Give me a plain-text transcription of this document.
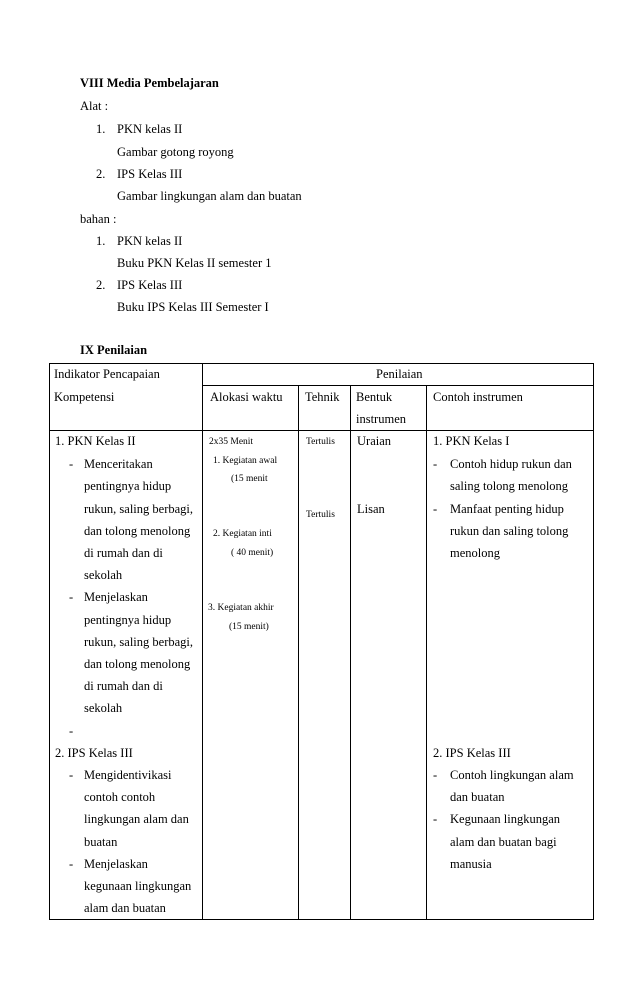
VIII Media Pembelajaran
Alat :
1. PKN kelas II
Gambar gotong royong
2. IPS Kelas III
Gambar lingkungan alam dan buatan
bahan :
1. PKN kelas II
Buku PKN Kelas II semester 1
2. IPS Kelas III
Buku IPS Kelas III Semester I
IX Penilaian
Indikator Pencapaian
Kompetensi
Penilaian
Alokasi waktu Tehnik Bentuk
instrumen
Contoh instrumen
1. PKN Kelas II
- Menceritakan
pentingnya hidup
rukun, saling berbagi,
dan tolong menolong
di rumah dan di
sekolah
- Menjelaskan
pentingnya hidup
rukun, saling berbagi,
dan tolong menolong
di rumah dan di
sekolah
-
2. IPS Kelas III
- Mengidentivikasi
contoh contoh
lingkungan alam dan
buatan
- Menjelaskan
kegunaan lingkungan
alam dan buatan
2x35 Menit
1. Kegiatan awal
(15 menit
2. Kegiatan inti
( 40 menit)
3. Kegiatan akhir
(15 menit)
Tertulis
Tertulis
Uraian
Lisan
1. PKN Kelas I
- Contoh hidup rukun dan
saling tolong menolong
- Manfaat penting hidup
rukun dan saling tolong
menolong
2. IPS Kelas III
- Contoh lingkungan alam
dan buatan
- Kegunaan lingkungan
alam dan buatan bagi
manusia
